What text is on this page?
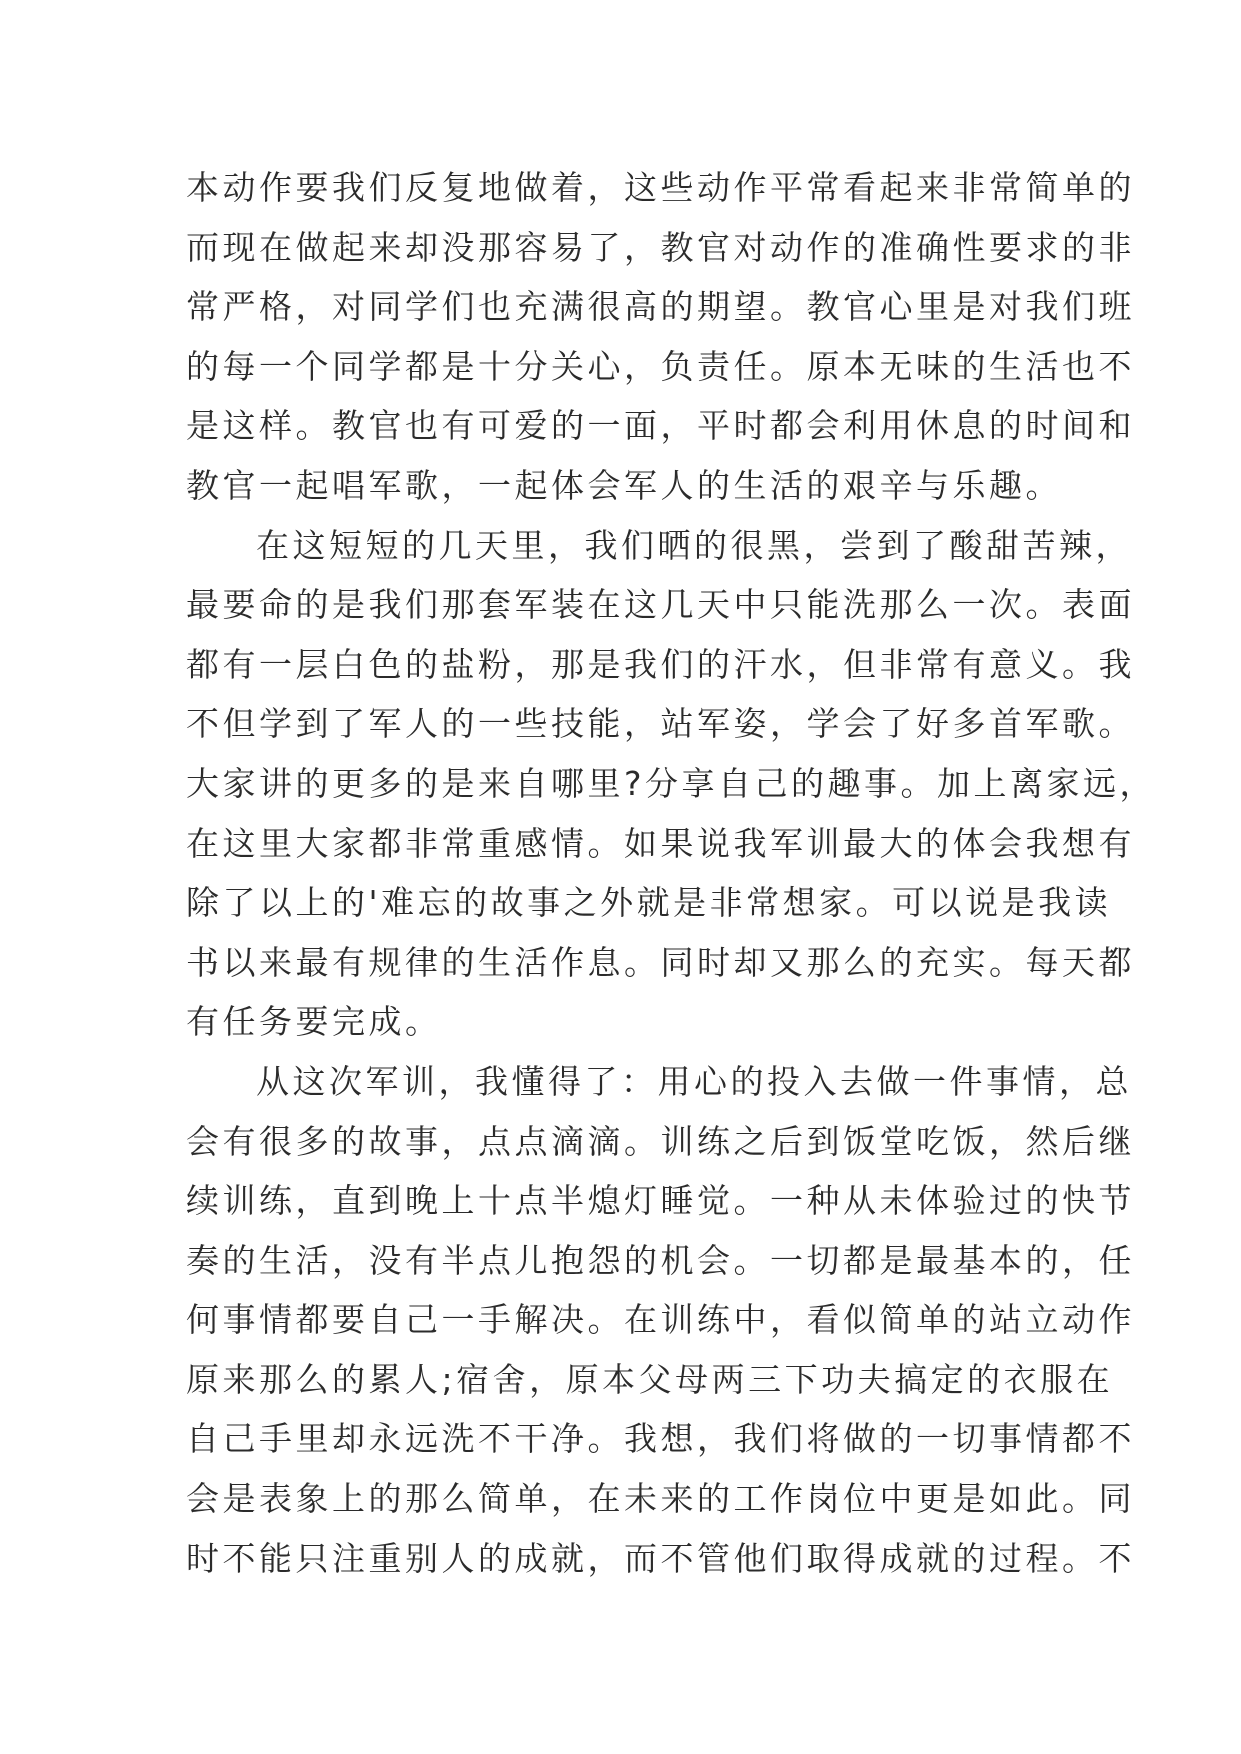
本动作要我们反复地做着，这些动作平常看起来非常简单的
而现在做起来却没那容易了，教官对动作的准确性要求的非
常严格，对同学们也充满很高的期望。教官心里是对我们班
的每一个同学都是十分关心，负责任。原本无味的生活也不
是这样。教官也有可爱的一面，平时都会利用休息的时间和
教官一起唱军歌，一起体会军人的生活的艰辛与乐趣。
在这短短的几天里，我们晒的很黑，尝到了酸甜苦辣，
最要命的是我们那套军装在这几天中只能洗那么一次。表面
都有一层白色的盐粉，那是我们的汗水，但非常有意义。我
不但学到了军人的一些技能，站军姿，学会了好多首军歌。
大家讲的更多的是来自哪里?分享自己的趣事。加上离家远，
在这里大家都非常重感情。如果说我军训最大的体会我想有
除了以上的'难忘的故事之外就是非常想家。可以说是我读
书以来最有规律的生活作息。同时却又那么的充实。每天都
有任务要完成。
从这次军训，我懂得了：用心的投入去做一件事情，总
会有很多的故事，点点滴滴。训练之后到饭堂吃饭，然后继
续训练，直到晚上十点半熄灯睡觉。一种从未体验过的快节
奏的生活，没有半点儿抱怨的机会。一切都是最基本的，任
何事情都要自己一手解决。在训练中，看似简单的站立动作
原来那么的累人;宿舍，原本父母两三下功夫搞定的衣服在
自己手里却永远洗不干净。我想，我们将做的一切事情都不
会是表象上的那么简单，在未来的工作岗位中更是如此。同
时不能只注重别人的成就，而不管他们取得成就的过程。不
